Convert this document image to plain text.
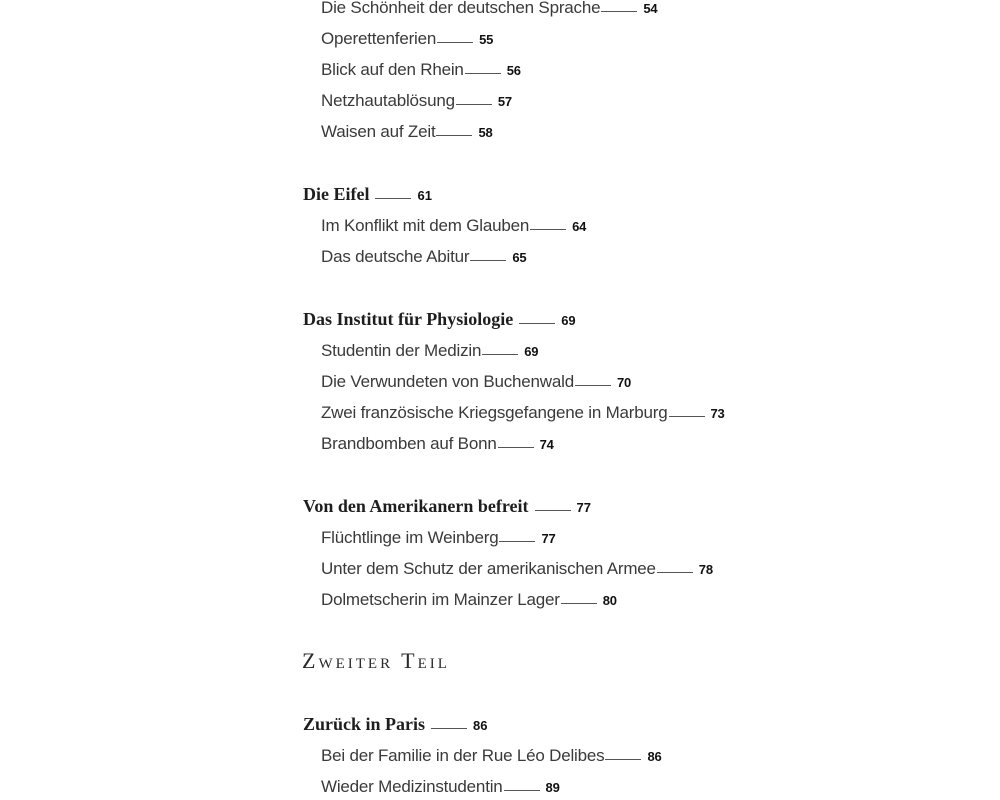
Die Schönheit der deutschen Sprache	54
Operettenferien	55
Blick auf den Rhein	56
Netzhautablösung	57
Waisen auf Zeit	58
Die Eifel	61
Im Konflikt mit dem Glauben	64
Das deutsche Abitur	65
Das Institut für Physiologie	69
Studentin der Medizin	69
Die Verwundeten von Buchenwald	70
Zwei französische Kriegsgefangene in Marburg	73
Brandbomben auf Bonn	74
Von den Amerikanern befreit	77
Flüchtlinge im Weinberg	77
Unter dem Schutz der amerikanischen Armee	78
Dolmetscherin im Mainzer Lager	80
Zweiter Teil
Zurück in Paris	86
Bei der Familie in der Rue Léo Delibes	86
Wieder Medizinstudentin	89
